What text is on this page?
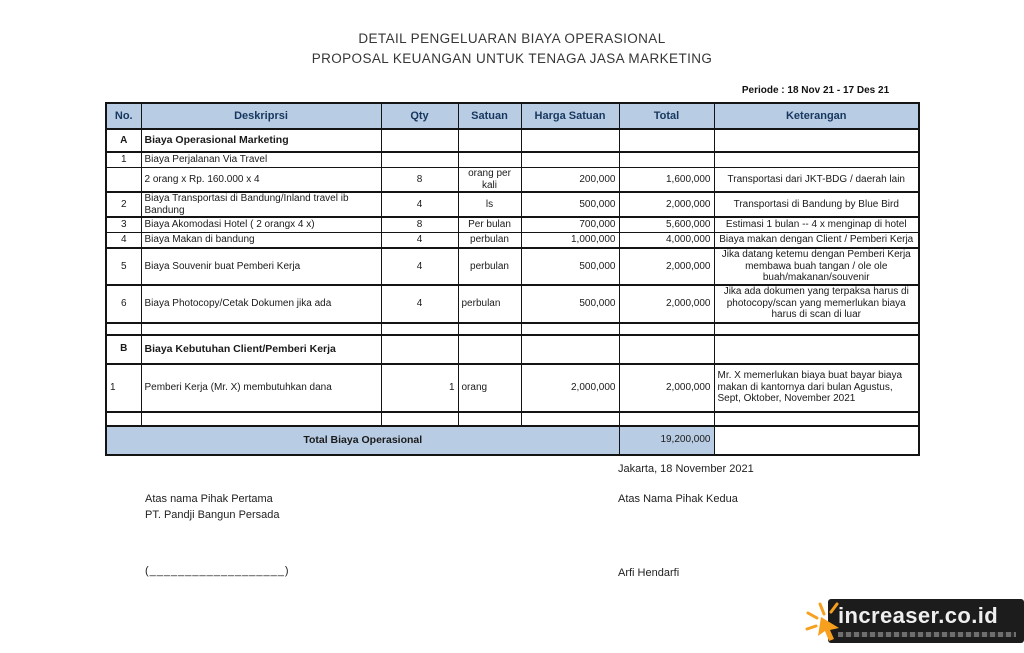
DETAIL PENGELUARAN BIAYA OPERASIONAL
PROPOSAL KEUANGAN UNTUK TENAGA JASA MARKETING
Periode : 18 Nov 21 - 17 Des 21
No.	Deskriprsi	Qty	Satuan	Harga Satuan	Total	Keterangan
A	Biaya Operasional Marketing					
1	Biaya Perjalanan Via Travel					
	2 orang x Rp. 160.000 x 4	8	orang per kali	200,000	1,600,000	Transportasi dari JKT-BDG / daerah lain
2	Biaya Transportasi di Bandung/Inland travel ib Bandung	4	ls	500,000	2,000,000	Transportasi di Bandung by Blue Bird
3	Biaya Akomodasi Hotel ( 2 orangx 4 x)	8	Per bulan	700,000	5,600,000	Estimasi 1 bulan -- 4 x menginap di hotel
4	Biaya Makan di bandung	4	perbulan	1,000,000	4,000,000	Biaya makan dengan Client / Pemberi Kerja
5	Biaya Souvenir buat Pemberi Kerja	4	perbulan	500,000	2,000,000	Jika datang ketemu dengan Pemberi Kerja membawa buah tangan / ole ole buah/makanan/souvenir
6	Biaya Photocopy/Cetak Dokumen jika ada	4	perbulan	500,000	2,000,000	Jika ada dokumen yang terpaksa harus di photocopy/scan yang memerlukan biaya harus di scan di luar

B	Biaya Kebutuhan Client/Pemberi Kerja					
1	Pemberi Kerja (Mr. X) membutuhkan dana	1	orang	2,000,000	2,000,000	Mr. X memerlukan biaya buat bayar biaya makan di kantornya dari bulan Agustus, Sept, Oktober, November 2021

Total Biaya Operasional					19,200,000	
Jakarta, 18 November 2021
Atas nama Pihak Pertama
PT. Pandji Bangun Persada
Atas Nama Pihak Kedua
(___________________)	Arfi Hendarfi
increaser.co.id
